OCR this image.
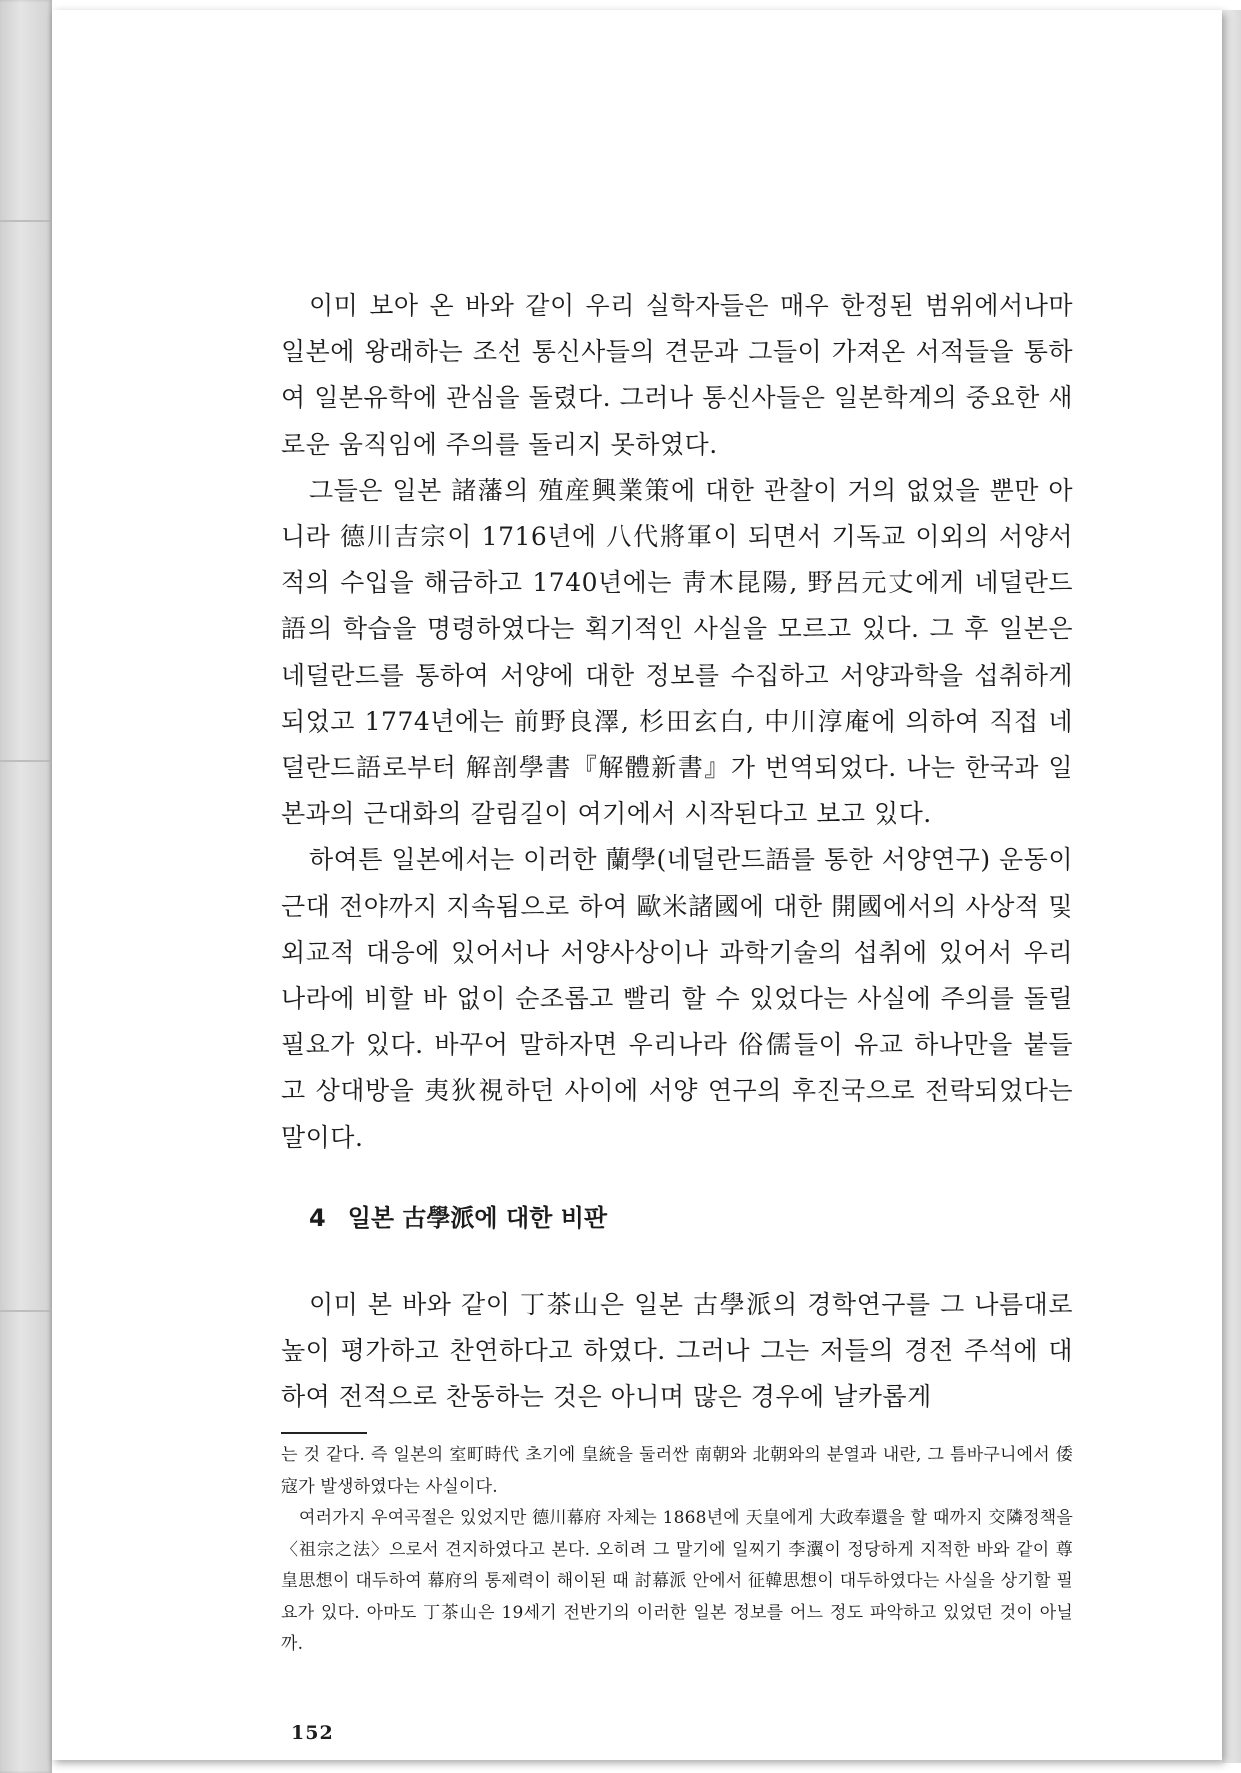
이미 보아 온 바와 같이 우리 실학자들은 매우 한정된 범위에서나마 일본에 왕래하는 조선 통신사들의 견문과 그들이 가져온 서적들을 통하여 일본유학에 관심을 돌렸다. 그러나 통신사들은 일본학계의 중요한 새로운 움직임에 주의를 돌리지 못하였다.

그들은 일본 諸藩의 殖産興業策에 대한 관찰이 거의 없었을 뿐만 아니라 德川吉宗이 1716년에 八代將軍이 되면서 기독교 이외의 서양서적의 수입을 해금하고 1740년에는 靑木昆陽, 野呂元丈에게 네덜란드語의 학습을 명령하였다는 획기적인 사실을 모르고 있다. 그 후 일본은 네덜란드를 통하여 서양에 대한 정보를 수집하고 서양과학을 섭취하게 되었고 1774년에는 前野良澤, 杉田玄白, 中川淳庵에 의하여 직접 네덜란드語로부터 解剖學書『解體新書』가 번역되었다. 나는 한국과 일본과의 근대화의 갈림길이 여기에서 시작된다고 보고 있다.

하여튼 일본에서는 이러한 蘭學(네덜란드語를 통한 서양연구) 운동이 근대 전야까지 지속됨으로 하여 歐米諸國에 대한 開國에서의 사상적 및 외교적 대응에 있어서나 서양사상이나 과학기술의 섭취에 있어서 우리나라에 비할 바 없이 순조롭고 빨리 할 수 있었다는 사실에 주의를 돌릴 필요가 있다. 바꾸어 말하자면 우리나라 俗儒들이 유교 하나만을 붙들고 상대방을 夷狄視하던 사이에 서양 연구의 후진국으로 전락되었다는 말이다.

4 일본 古學派에 대한 비판

이미 본 바와 같이 丁茶山은 일본 古學派의 경학연구를 그 나름대로 높이 평가하고 찬연하다고 하였다. 그러나 그는 저들의 경전 주석에 대하여 전적으로 찬동하는 것은 아니며 많은 경우에 날카롭게

는 것 같다. 즉 일본의 室町時代 초기에 皇統을 둘러싼 南朝와 北朝와의 분열과 내란, 그 틈바구니에서 倭寇가 발생하였다는 사실이다.

여러가지 우여곡절은 있었지만 德川幕府 자체는 1868년에 天皇에게 大政奉還을 할 때까지 交隣정책을〈祖宗之法〉으로서 견지하였다고 본다. 오히려 그 말기에 일찌기 李瀷이 정당하게 지적한 바와 같이 尊皇思想이 대두하여 幕府의 통제력이 해이된 때 討幕派 안에서 征韓思想이 대두하였다는 사실을 상기할 필요가 있다. 아마도 丁茶山은 19세기 전반기의 이러한 일본 정보를 어느 정도 파악하고 있었던 것이 아닐까.

152
